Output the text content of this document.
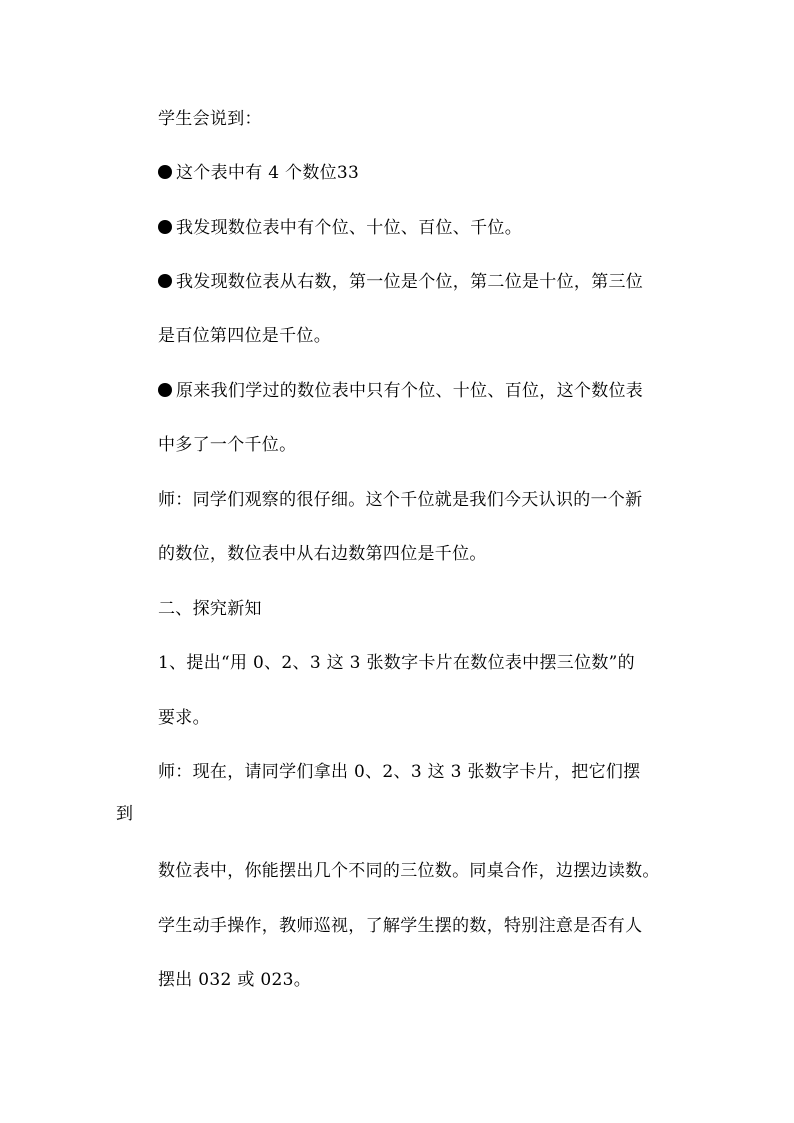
学生会说到：
这个表中有 4 个数位33
我发现数位表中有个位、十位、百位、千位。
我发现数位表从右数，第一位是个位，第二位是十位，第三位
是百位第四位是千位。
原来我们学过的数位表中只有个位、十位、百位，这个数位表
中多了一个千位。
师：同学们观察的很仔细。这个千位就是我们今天认识的一个新
的数位，数位表中从右边数第四位是千位。
二、探究新知
1、提出“用 0、2、3 这 3 张数字卡片在数位表中摆三位数”的
要求。
师：现在，请同学们拿出 0、2、3 这 3 张数字卡片，把它们摆
到
数位表中，你能摆出几个不同的三位数。同桌合作，边摆边读数。
学生动手操作，教师巡视，了解学生摆的数，特别注意是否有人
摆出 032 或 023。
